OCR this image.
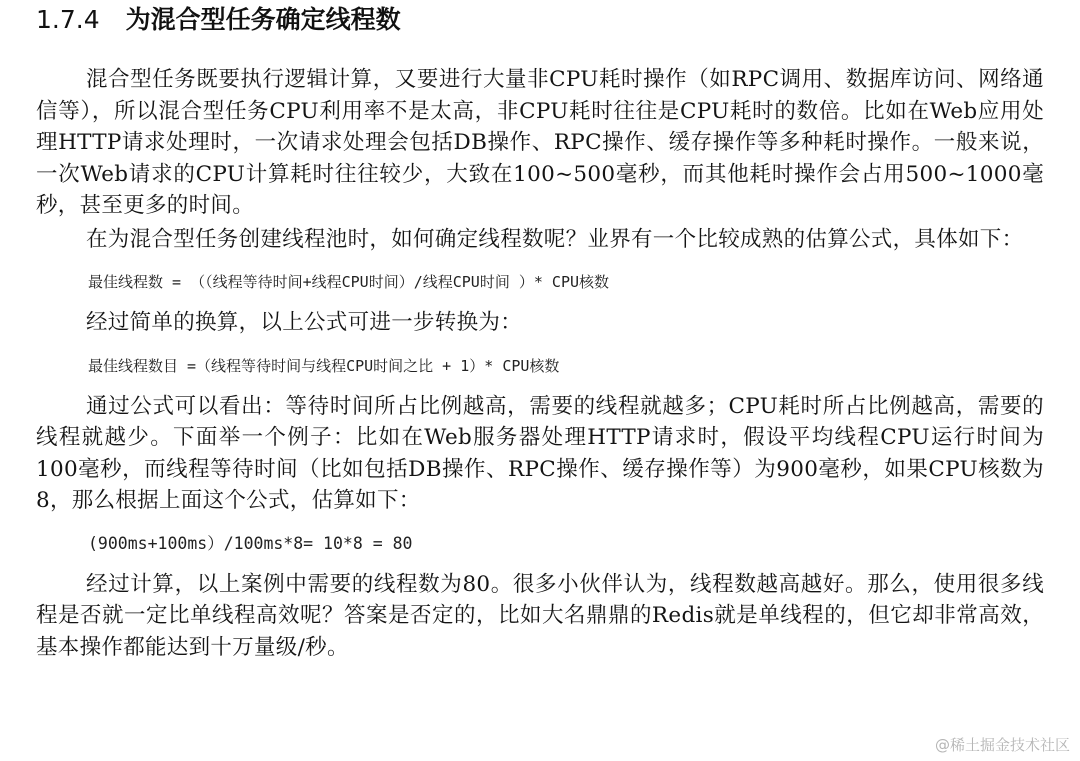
1.7.4 为混合型任务确定线程数

混合型任务既要执行逻辑计算，又要进行大量非CPU耗时操作（如RPC调用、数据库访问、网络通信等），所以混合型任务CPU利用率不是太高，非CPU耗时往往是CPU耗时的数倍。比如在Web应用处理HTTP请求处理时，一次请求处理会包括DB操作、RPC操作、缓存操作等多种耗时操作。一般来说，一次Web请求的CPU计算耗时往往较少，大致在100~500毫秒，而其他耗时操作会占用500~1000毫秒，甚至更多的时间。

在为混合型任务创建线程池时，如何确定线程数呢？业界有一个比较成熟的估算公式，具体如下：

最佳线程数 = （（线程等待时间+线程CPU时间）/线程CPU时间 ）* CPU核数

经过简单的换算，以上公式可进一步转换为：

最佳线程数目 =（线程等待时间与线程CPU时间之比 + 1）* CPU核数

通过公式可以看出：等待时间所占比例越高，需要的线程就越多；CPU耗时所占比例越高，需要的线程就越少。下面举一个例子：比如在Web服务器处理HTTP请求时，假设平均线程CPU运行时间为100毫秒，而线程等待时间（比如包括DB操作、RPC操作、缓存操作等）为900毫秒，如果CPU核数为8，那么根据上面这个公式，估算如下：

(900ms+100ms）/100ms*8= 10*8 = 80

经过计算，以上案例中需要的线程数为80。很多小伙伴认为，线程数越高越好。那么，使用很多线程是否就一定比单线程高效呢？答案是否定的，比如大名鼎鼎的Redis就是单线程的，但它却非常高效，基本操作都能达到十万量级/秒。

@稀土掘金技术社区
